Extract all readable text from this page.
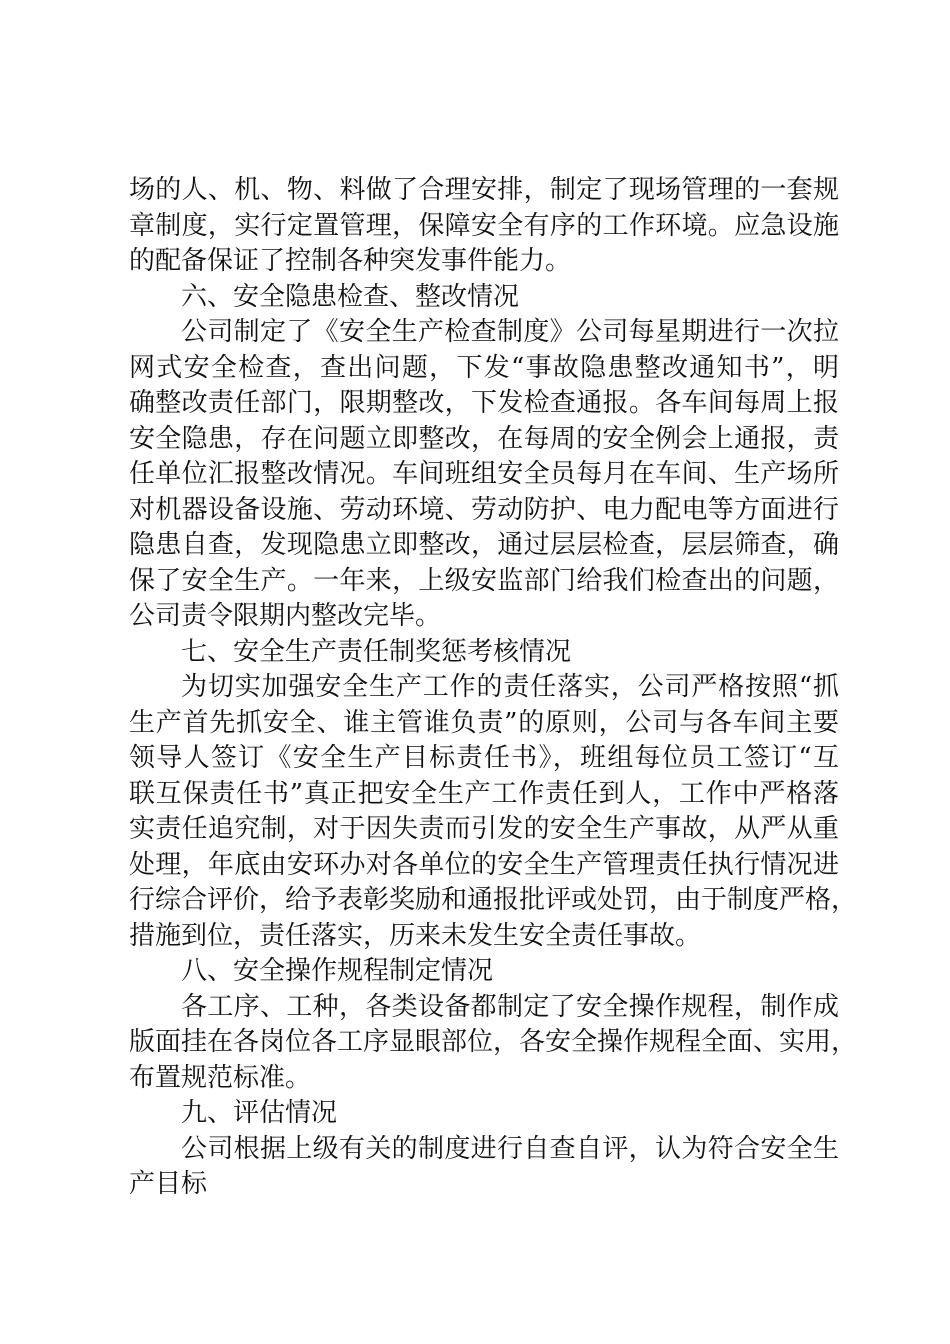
场的人、机、物、料做了合理安排，制定了现场管理的一套规
章制度，实行定置管理，保障安全有序的工作环境。应急设施
的配备保证了控制各种突发事件能力。
六、安全隐患检查、整改情况
公司制定了《安全生产检查制度》公司每星期进行一次拉
网式安全检查，查出问题，下发“事故隐患整改通知书”，明
确整改责任部门，限期整改，下发检查通报。各车间每周上报
安全隐患，存在问题立即整改，在每周的安全例会上通报，责
任单位汇报整改情况。车间班组安全员每月在车间、生产场所
对机器设备设施、劳动环境、劳动防护、电力配电等方面进行
隐患自查，发现隐患立即整改，通过层层检查，层层筛查，确
保了安全生产。一年来，上级安监部门给我们检查出的问题，
公司责令限期内整改完毕。
七、安全生产责任制奖惩考核情况
为切实加强安全生产工作的责任落实，公司严格按照“抓
生产首先抓安全、谁主管谁负责”的原则，公司与各车间主要
领导人签订《安全生产目标责任书》，班组每位员工签订“互
联互保责任书”真正把安全生产工作责任到人，工作中严格落
实责任追究制，对于因失责而引发的安全生产事故，从严从重
处理，年底由安环办对各单位的安全生产管理责任执行情况进
行综合评价，给予表彰奖励和通报批评或处罚，由于制度严格，
措施到位，责任落实，历来未发生安全责任事故。
八、安全操作规程制定情况
各工序、工种，各类设备都制定了安全操作规程，制作成
版面挂在各岗位各工序显眼部位，各安全操作规程全面、实用，
布置规范标准。
九、评估情况
公司根据上级有关的制度进行自查自评，认为符合安全生
产目标
